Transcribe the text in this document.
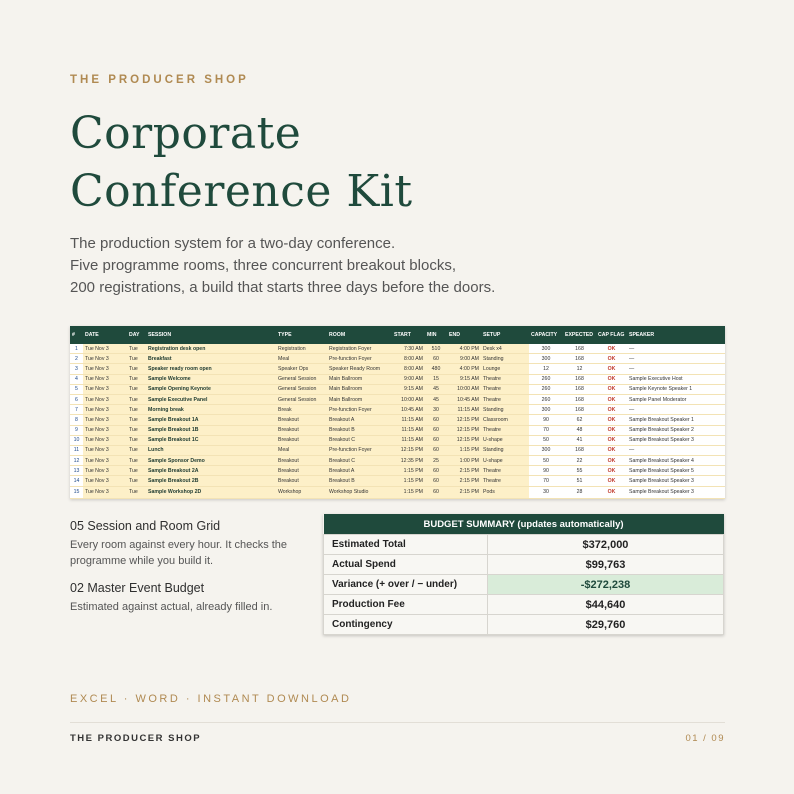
THE PRODUCER SHOP
Corporate
Conference Kit
The production system for a two-day conference.
Five programme rooms, three concurrent breakout blocks,
200 registrations, a build that starts three days before the doors.
#	DATE	DAY	SESSION	TYPE	ROOM	START	MIN	END	SETUP	CAPACITY	EXPECTED	CAP FLAG	SPEAKER
1	Tue Nov 3	Tue	Registration desk open	Registration	Registration Foyer	7:30 AM	510	4:00 PM	Desk x4	300	168	OK	—
2	Tue Nov 3	Tue	Breakfast	Meal	Pre-function Foyer	8:00 AM	60	9:00 AM	Standing	300	168	OK	—
3	Tue Nov 3	Tue	Speaker ready room open	Speaker Ops	Speaker Ready Room	8:00 AM	480	4:00 PM	Lounge	12	12	OK	—
4	Tue Nov 3	Tue	Sample Welcome	General Session	Main Ballroom	9:00 AM	15	9:15 AM	Theatre	260	168	OK	Sample Executive Host
5	Tue Nov 3	Tue	Sample Opening Keynote	General Session	Main Ballroom	9:15 AM	45	10:00 AM	Theatre	260	168	OK	Sample Keynote Speaker 1
6	Tue Nov 3	Tue	Sample Executive Panel	General Session	Main Ballroom	10:00 AM	45	10:45 AM	Theatre	260	168	OK	Sample Panel Moderator
7	Tue Nov 3	Tue	Morning break	Break	Pre-function Foyer	10:45 AM	30	11:15 AM	Standing	300	168	OK	—
8	Tue Nov 3	Tue	Sample Breakout 1A	Breakout	Breakout A	11:15 AM	60	12:15 PM	Classroom	90	62	OK	Sample Breakout Speaker 1
9	Tue Nov 3	Tue	Sample Breakout 1B	Breakout	Breakout B	11:15 AM	60	12:15 PM	Theatre	70	48	OK	Sample Breakout Speaker 2
10	Tue Nov 3	Tue	Sample Breakout 1C	Breakout	Breakout C	11:15 AM	60	12:15 PM	U-shape	50	41	OK	Sample Breakout Speaker 3
11	Tue Nov 3	Tue	Lunch	Meal	Pre-function Foyer	12:15 PM	60	1:15 PM	Standing	300	168	OK	—
12	Tue Nov 3	Tue	Sample Sponsor Demo	Breakout	Breakout C	12:35 PM	25	1:00 PM	U-shape	50	22	OK	Sample Breakout Speaker 4
13	Tue Nov 3	Tue	Sample Breakout 2A	Breakout	Breakout A	1:15 PM	60	2:15 PM	Theatre	90	55	OK	Sample Breakout Speaker 5
14	Tue Nov 3	Tue	Sample Breakout 2B	Breakout	Breakout B	1:15 PM	60	2:15 PM	Theatre	70	51	OK	Sample Breakout Speaker 3
15	Tue Nov 3	Tue	Sample Workshop 2D	Workshop	Workshop Studio	1:15 PM	60	2:15 PM	Pods	30	28	OK	Sample Breakout Speaker 3
05 Session and Room Grid
Every room against every hour. It checks the programme while you build it.
02 Master Event Budget
Estimated against actual, already filled in.
BUDGET SUMMARY (updates automatically)	
Estimated Total	$372,000
Actual Spend	$99,763
Variance (+ over / − under)	-$272,238
Production Fee	$44,640
Contingency	$29,760
EXCEL · WORD · INSTANT DOWNLOAD
THE PRODUCER SHOP	01 / 09
